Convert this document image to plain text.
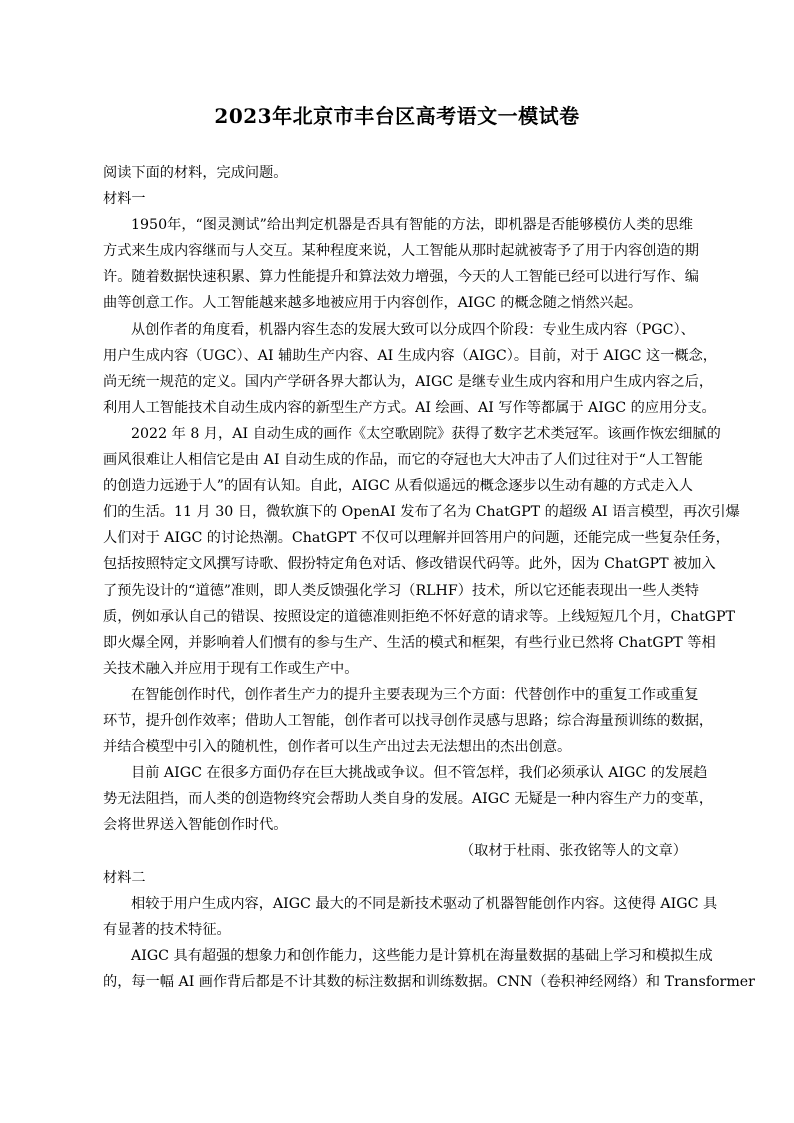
2023年北京市丰台区高考语文一模试卷
阅读下面的材料，完成问题。
材料一
1950年，“图灵测试”给出判定机器是否具有智能的方法，即机器是否能够模仿人类的思维
方式来生成内容继而与人交互。某种程度来说，人工智能从那时起就被寄予了用于内容创造的期
许。随着数据快速积累、算力性能提升和算法效力增强，今天的人工智能已经可以进行写作、编
曲等创意工作。人工智能越来越多地被应用于内容创作，AIGC 的概念随之悄然兴起。
从创作者的角度看，机器内容生态的发展大致可以分成四个阶段：专业生成内容（PGC）、
用户生成内容（UGC）、AI 辅助生产内容、AI 生成内容（AIGC）。目前，对于 AIGC 这一概念，
尚无统一规范的定义。国内产学研各界大都认为，AIGC 是继专业生成内容和用户生成内容之后，
利用人工智能技术自动生成内容的新型生产方式。AI 绘画、AI 写作等都属于 AIGC 的应用分支。
2022 年 8 月，AI 自动生成的画作《太空歌剧院》获得了数字艺术类冠军。该画作恢宏细腻的
画风很难让人相信它是由 AI 自动生成的作品，而它的夺冠也大大冲击了人们过往对于“人工智能
的创造力远逊于人”的固有认知。自此，AIGC 从看似遥远的概念逐步以生动有趣的方式走入人
们的生活。11 月 30 日，微软旗下的 OpenAI 发布了名为 ChatGPT 的超级 AI 语言模型，再次引爆
人们对于 AIGC 的讨论热潮。ChatGPT 不仅可以理解并回答用户的问题，还能完成一些复杂任务，
包括按照特定文风撰写诗歌、假扮特定角色对话、修改错误代码等。此外，因为 ChatGPT 被加入
了预先设计的“道德”准则，即人类反馈强化学习（RLHF）技术，所以它还能表现出一些人类特
质，例如承认自己的错误、按照设定的道德准则拒绝不怀好意的请求等。上线短短几个月，ChatGPT
即火爆全网，并影响着人们惯有的参与生产、生活的模式和框架，有些行业已然将 ChatGPT 等相
关技术融入并应用于现有工作或生产中。
在智能创作时代，创作者生产力的提升主要表现为三个方面：代替创作中的重复工作或重复
环节，提升创作效率；借助人工智能，创作者可以找寻创作灵感与思路；综合海量预训练的数据，
并结合模型中引入的随机性，创作者可以生产出过去无法想出的杰出创意。
目前 AIGC 在很多方面仍存在巨大挑战或争议。但不管怎样，我们必须承认 AIGC 的发展趋
势无法阻挡，而人类的创造物终究会帮助人类自身的发展。AIGC 无疑是一种内容生产力的变革，
会将世界送入智能创作时代。
（取材于杜雨、张孜铭等人的文章）
材料二
相较于用户生成内容，AIGC 最大的不同是新技术驱动了机器智能创作内容。这使得 AIGC 具
有显著的技术特征。
AIGC 具有超强的想象力和创作能力，这些能力是计算机在海量数据的基础上学习和模拟生成
的，每一幅 AI 画作背后都是不计其数的标注数据和训练数据。CNN（卷积神经网络）和 Transformer
